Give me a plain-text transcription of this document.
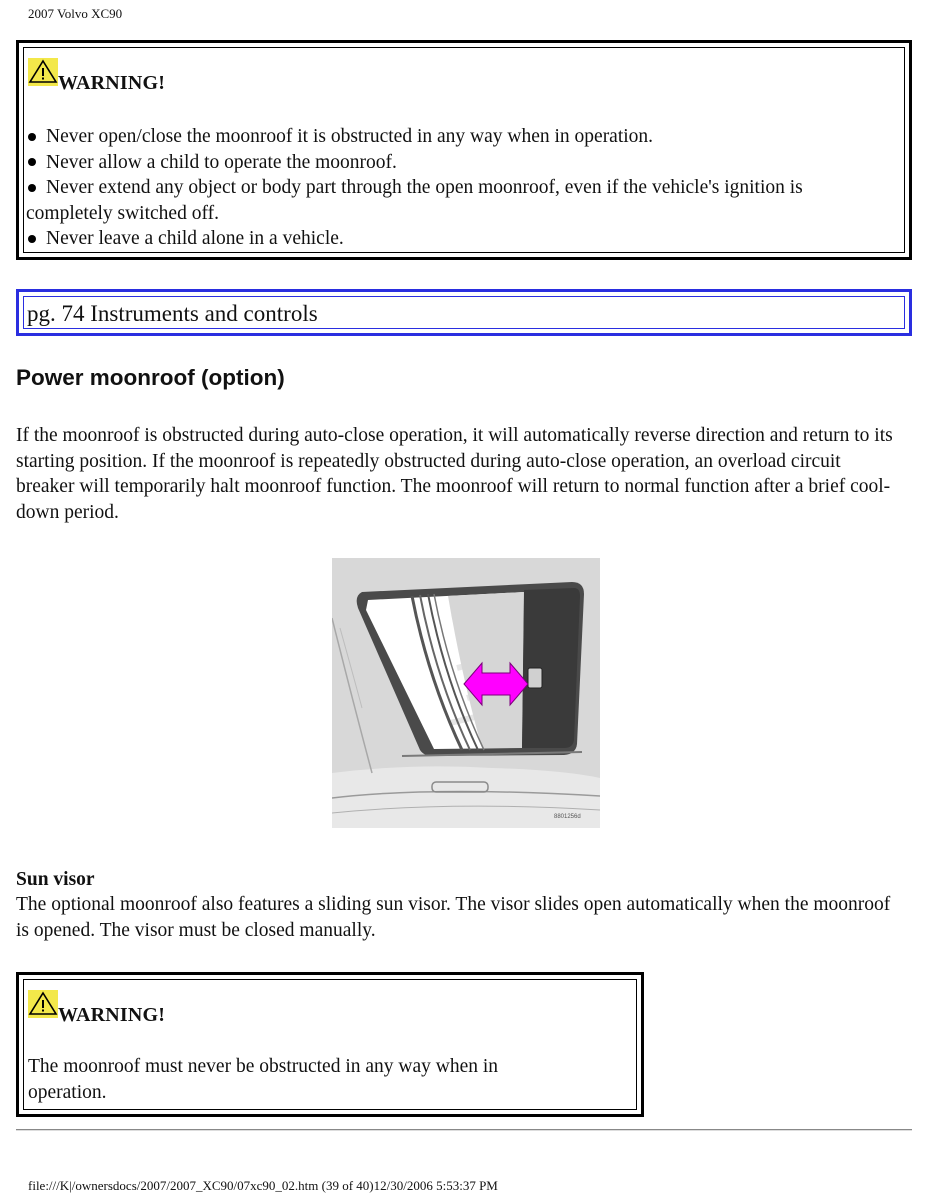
2007 Volvo XC90
WARNING!

Never open/close the moonroof it is obstructed in any way when in operation.

Never allow a child to operate the moonroof.

Never extend any object or body part through the open moonroof, even if the vehicle's ignition is completely switched off.

Never leave a child alone in a vehicle.

pg. 74 Instruments and controls
Power moonroof (option)
If the moonroof is obstructed during auto-close operation, it will automatically reverse direction and return to its starting position. If the moonroof is repeatedly obstructed during auto-close operation, an overload circuit breaker will temporarily halt moonroof function. The moonroof will return to normal function after a brief cool-down period.
8801256d
Sun visor
The optional moonroof also features a sliding sun visor. The visor slides open automatically when the moonroof is opened. The visor must be closed manually.
WARNING!
The moonroof must never be obstructed in any way when in operation.
file:///K|/ownersdocs/2007/2007_XC90/07xc90_02.htm (39 of 40)12/30/2006 5:53:37 PM
